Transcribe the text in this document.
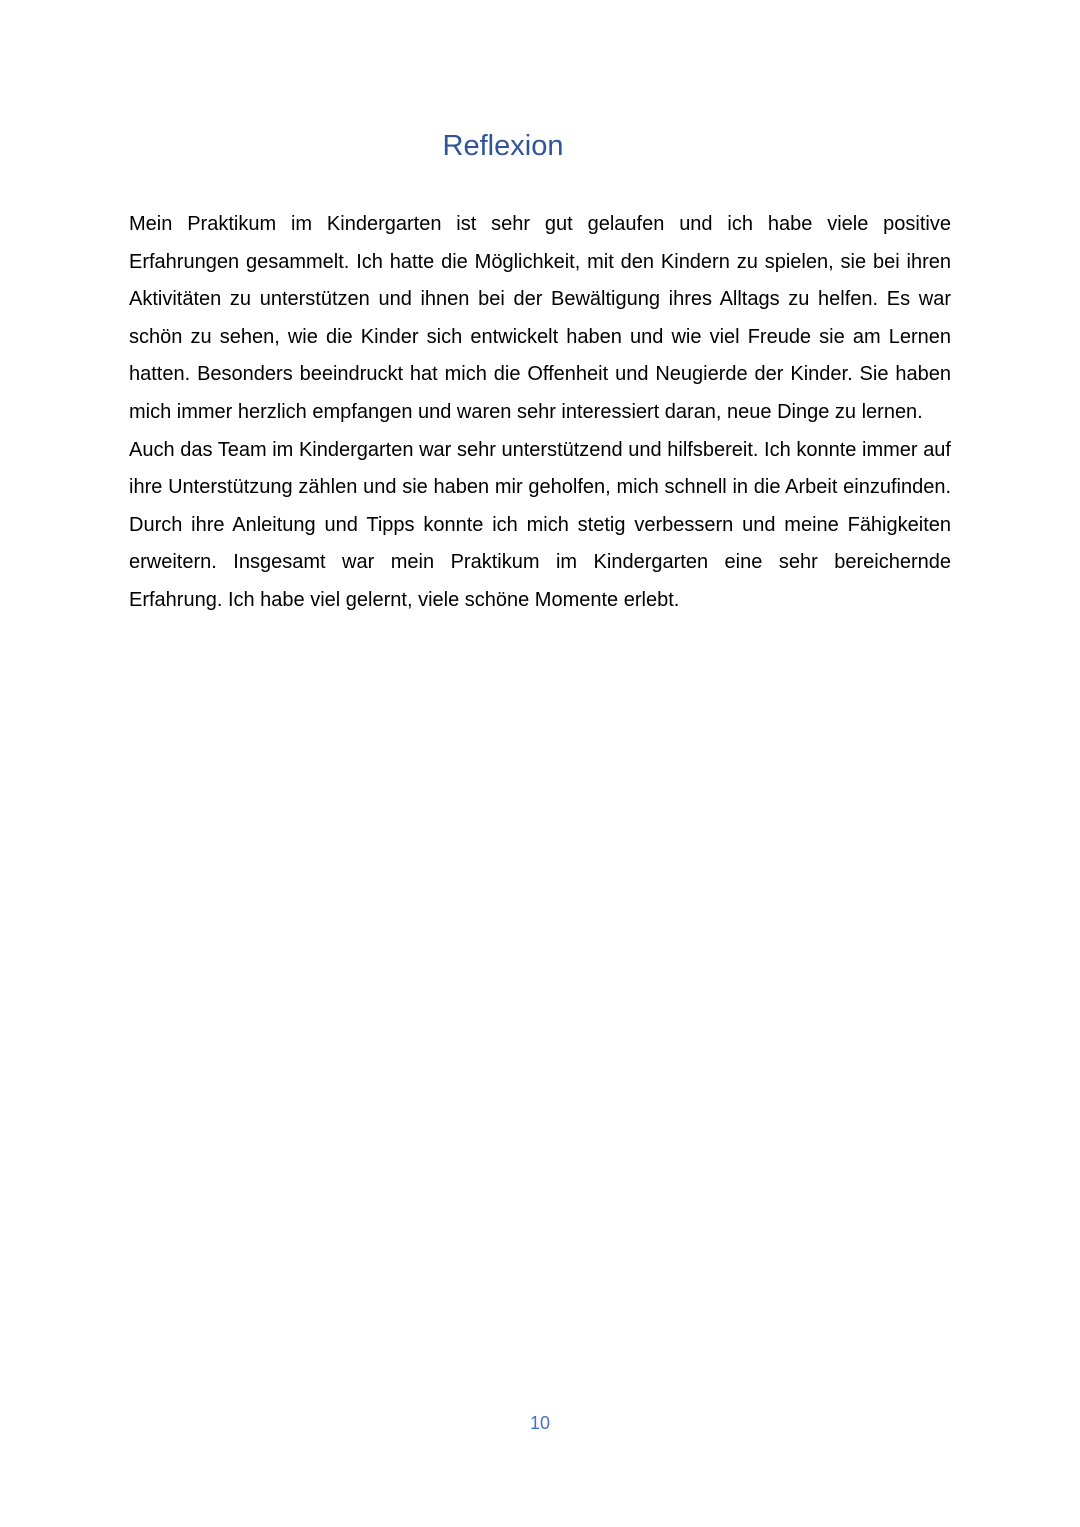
Reflexion

Mein Praktikum im Kindergarten ist sehr gut gelaufen und ich habe viele positive Erfahrungen gesammelt. Ich hatte die Möglichkeit, mit den Kindern zu spielen, sie bei ihren Aktivitäten zu unterstützen und ihnen bei der Bewältigung ihres Alltags zu helfen. Es war schön zu sehen, wie die Kinder sich entwickelt haben und wie viel Freude sie am Lernen hatten. Besonders beeindruckt hat mich die Offenheit und Neugierde der Kinder. Sie haben mich immer herzlich empfangen und waren sehr interessiert daran, neue Dinge zu lernen.

Auch das Team im Kindergarten war sehr unterstützend und hilfsbereit. Ich konnte immer auf ihre Unterstützung zählen und sie haben mir geholfen, mich schnell in die Arbeit einzufinden. Durch ihre Anleitung und Tipps konnte ich mich stetig verbessern und meine Fähigkeiten erweitern. Insgesamt war mein Praktikum im Kindergarten eine sehr bereichernde Erfahrung. Ich habe viel gelernt, viele schöne Momente erlebt.

10
